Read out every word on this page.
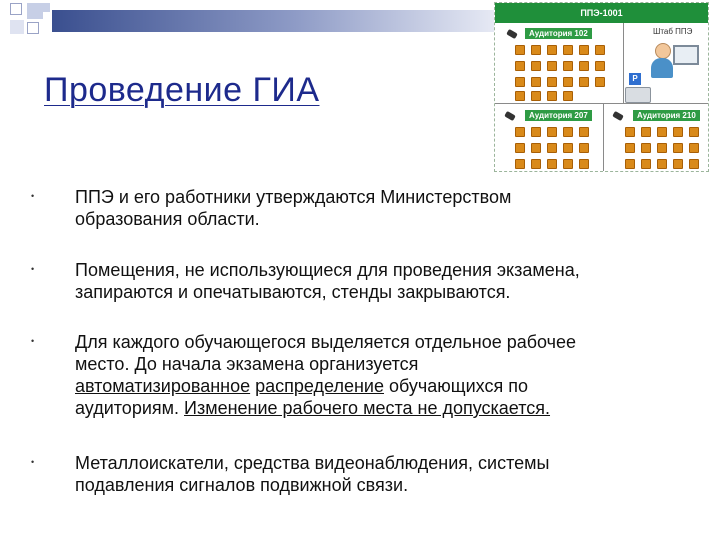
Проведение ГИА
ППЭ-1001
Аудитория 102
Аудитория 207	Аудитория 210
Штаб ППЭ
P
• ППЭ и его работники утверждаются Министерством
образования области.
• Помещения, не использующиеся для проведения экзамена,
запираются и опечатываются, стенды закрываются.
• Для каждого обучающегося выделяется отдельное рабочее
место. До начала экзамена организуется
автоматизированное распределение обучающихся по
аудиториям. Изменение рабочего места не допускается.
• Металлоискатели, средства видеонаблюдения, системы
подавления сигналов подвижной связи.
